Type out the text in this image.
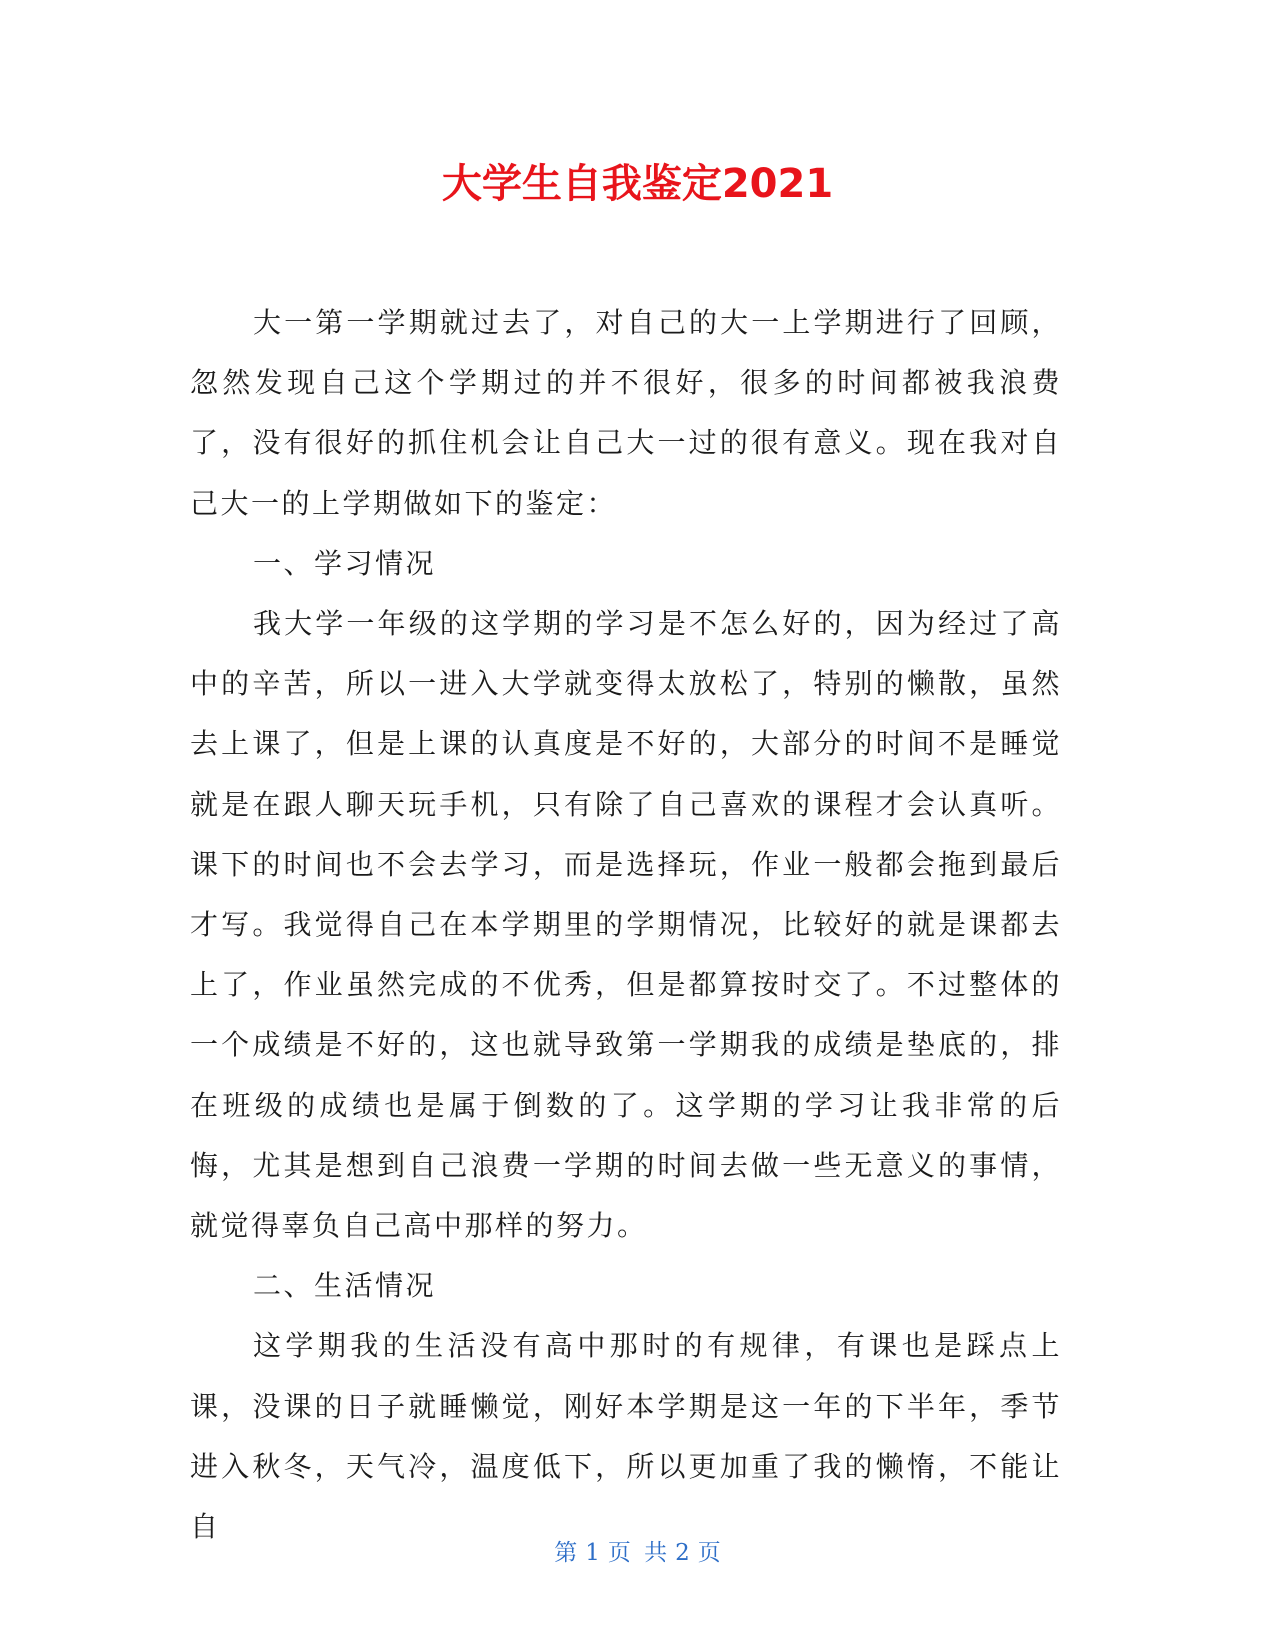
大学生自我鉴定2021

大一第一学期就过去了，对自己的大一上学期进行了回顾，忽然发现自己这个学期过的并不很好，很多的时间都被我浪费了，没有很好的抓住机会让自己大一过的很有意义。现在我对自己大一的上学期做如下的鉴定：

一、学习情况

我大学一年级的这学期的学习是不怎么好的，因为经过了高中的辛苦，所以一进入大学就变得太放松了，特别的懒散，虽然去上课了，但是上课的认真度是不好的，大部分的时间不是睡觉就是在跟人聊天玩手机，只有除了自己喜欢的课程才会认真听。课下的时间也不会去学习，而是选择玩，作业一般都会拖到最后才写。我觉得自己在本学期里的学期情况，比较好的就是课都去上了，作业虽然完成的不优秀，但是都算按时交了。不过整体的一个成绩是不好的，这也就导致第一学期我的成绩是垫底的，排在班级的成绩也是属于倒数的了。这学期的学习让我非常的后悔，尤其是想到自己浪费一学期的时间去做一些无意义的事情，就觉得辜负自己高中那样的努力。

二、生活情况

这学期我的生活没有高中那时的有规律，有课也是踩点上课，没课的日子就睡懒觉，刚好本学期是这一年的下半年，季节进入秋冬，天气冷，温度低下，所以更加重了我的懒惰，不能让自

第 1 页 共 2 页
